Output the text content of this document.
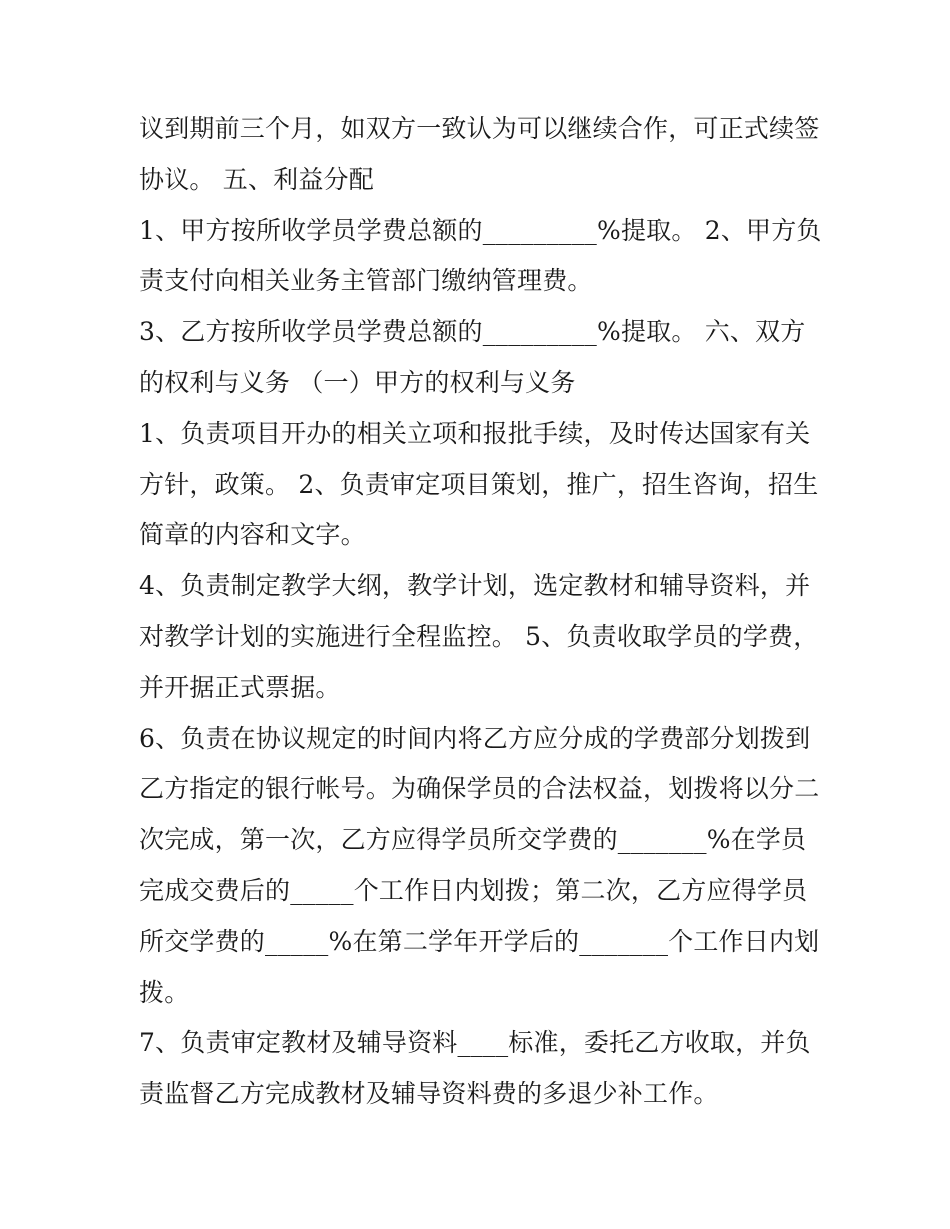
议到期前三个月，如双方一致认为可以继续合作，可正式续签
协议。 五、利益分配
1、甲方按所收学员学费总额的_________%提取。 2、甲方负
责支付向相关业务主管部门缴纳管理费。
3、乙方按所收学员学费总额的_________%提取。 六、双方
的权利与义务 （一）甲方的权利与义务
1、负责项目开办的相关立项和报批手续，及时传达国家有关
方针，政策。 2、负责审定项目策划，推广，招生咨询，招生
简章的内容和文字。
4、负责制定教学大纲，教学计划，选定教材和辅导资料，并
对教学计划的实施进行全程监控。 5、负责收取学员的学费，
并开据正式票据。
6、负责在协议规定的时间内将乙方应分成的学费部分划拨到
乙方指定的银行帐号。为确保学员的合法权益，划拨将以分二
次完成，第一次，乙方应得学员所交学费的_______%在学员
完成交费后的_____个工作日内划拨；第二次，乙方应得学员
所交学费的_____%在第二学年开学后的_______个工作日内划
拨。
7、负责审定教材及辅导资料____标准，委托乙方收取，并负
责监督乙方完成教材及辅导资料费的多退少补工作。
